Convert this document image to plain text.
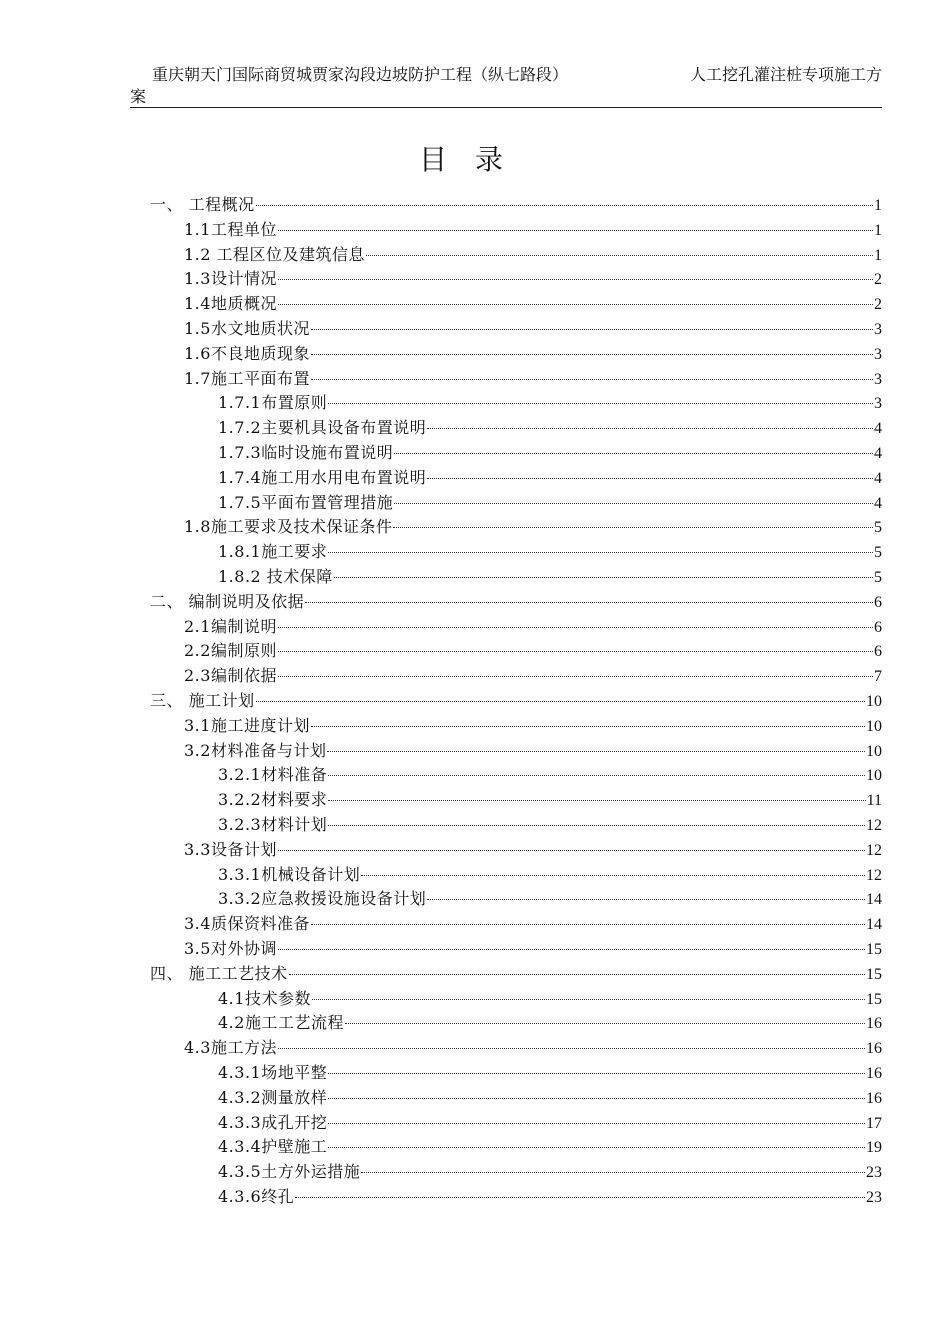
重庆朝天门国际商贸城贾家沟段边坡防护工程（纵七路段）	人工挖孔灌注桩专项施工方
案
目录
一、 工程概况	1
1.1工程单位	1
1.2 工程区位及建筑信息	1
1.3设计情况	2
1.4地质概况	2
1.5水文地质状况	3
1.6不良地质现象	3
1.7施工平面布置	3
1.7.1布置原则	3
1.7.2主要机具设备布置说明	4
1.7.3临时设施布置说明	4
1.7.4施工用水用电布置说明	4
1.7.5平面布置管理措施	4
1.8施工要求及技术保证条件	5
1.8.1施工要求	5
1.8.2 技术保障	5
二、 编制说明及依据	6
2.1编制说明	6
2.2编制原则	6
2.3编制依据	7
三、 施工计划	10
3.1施工进度计划	10
3.2材料准备与计划	10
3.2.1材料准备	10
3.2.2材料要求	11
3.2.3材料计划	12
3.3设备计划	12
3.3.1机械设备计划	12
3.3.2应急救援设施设备计划	14
3.4质保资料准备	14
3.5对外协调	15
四、 施工工艺技术	15
4.1技术参数	15
4.2施工工艺流程	16
4.3施工方法	16
4.3.1场地平整	16
4.3.2测量放样	16
4.3.3成孔开挖	17
4.3.4护壁施工	19
4.3.5土方外运措施	23
4.3.6终孔	23
